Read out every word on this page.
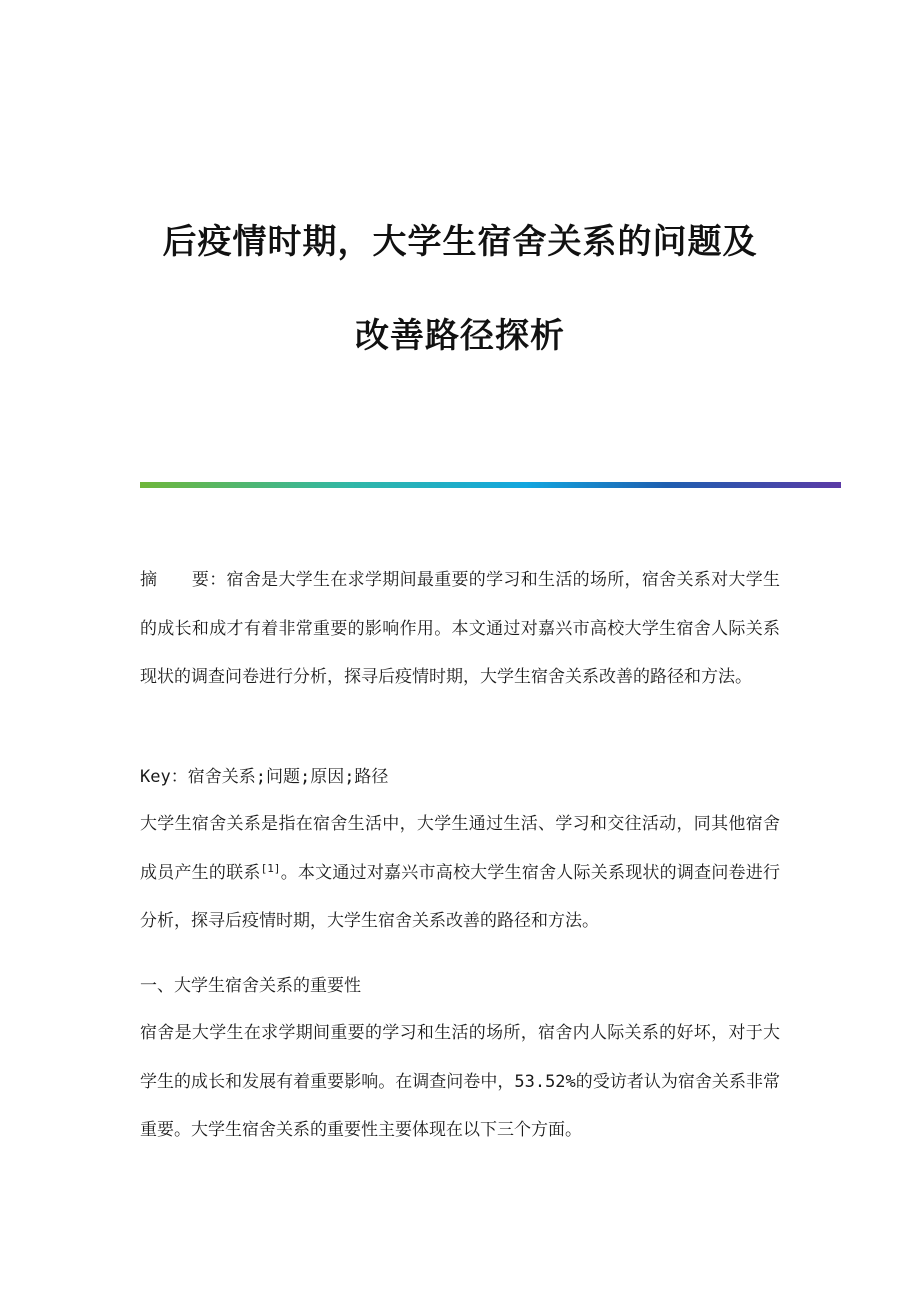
后疫情时期，大学生宿舍关系的问题及
改善路径探析

摘　　要：宿舍是大学生在求学期间最重要的学习和生活的场所，宿舍关系对大学生的成长和成才有着非常重要的影响作用。本文通过对嘉兴市高校大学生宿舍人际关系现状的调查问卷进行分析，探寻后疫情时期，大学生宿舍关系改善的路径和方法。

Key：宿舍关系;问题;原因;路径

大学生宿舍关系是指在宿舍生活中，大学生通过生活、学习和交往活动，同其他宿舍成员产生的联系[1]。本文通过对嘉兴市高校大学生宿舍人际关系现状的调查问卷进行分析，探寻后疫情时期，大学生宿舍关系改善的路径和方法。

一、大学生宿舍关系的重要性

宿舍是大学生在求学期间重要的学习和生活的场所，宿舍内人际关系的好坏，对于大学生的成长和发展有着重要影响。在调查问卷中，53.52%的受访者认为宿舍关系非常重要。大学生宿舍关系的重要性主要体现在以下三个方面。
